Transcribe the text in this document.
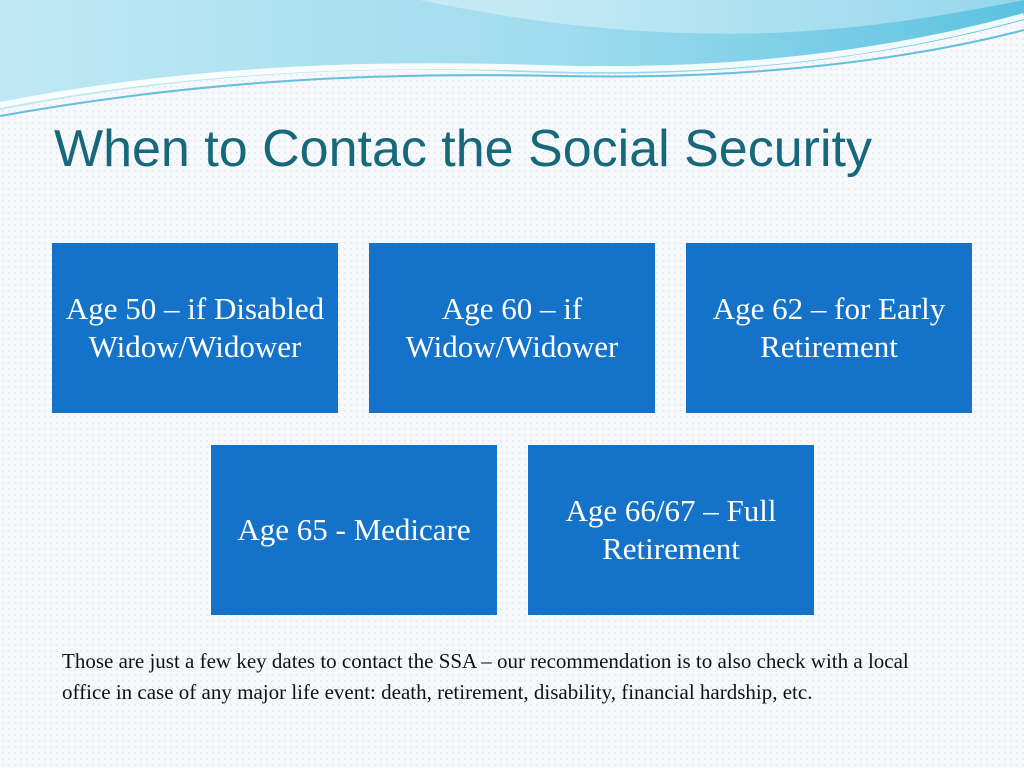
When to Contac the Social Security
Age 50 – if Disabled Widow/Widower
Age 60 – if Widow/Widower
Age 62 – for Early Retirement
Age 65 - Medicare
Age 66/67 – Full Retirement
Those are just a few key dates to contact the SSA – our recommendation is to also check with a local office in case of any major life event: death, retirement, disability, financial hardship, etc.
